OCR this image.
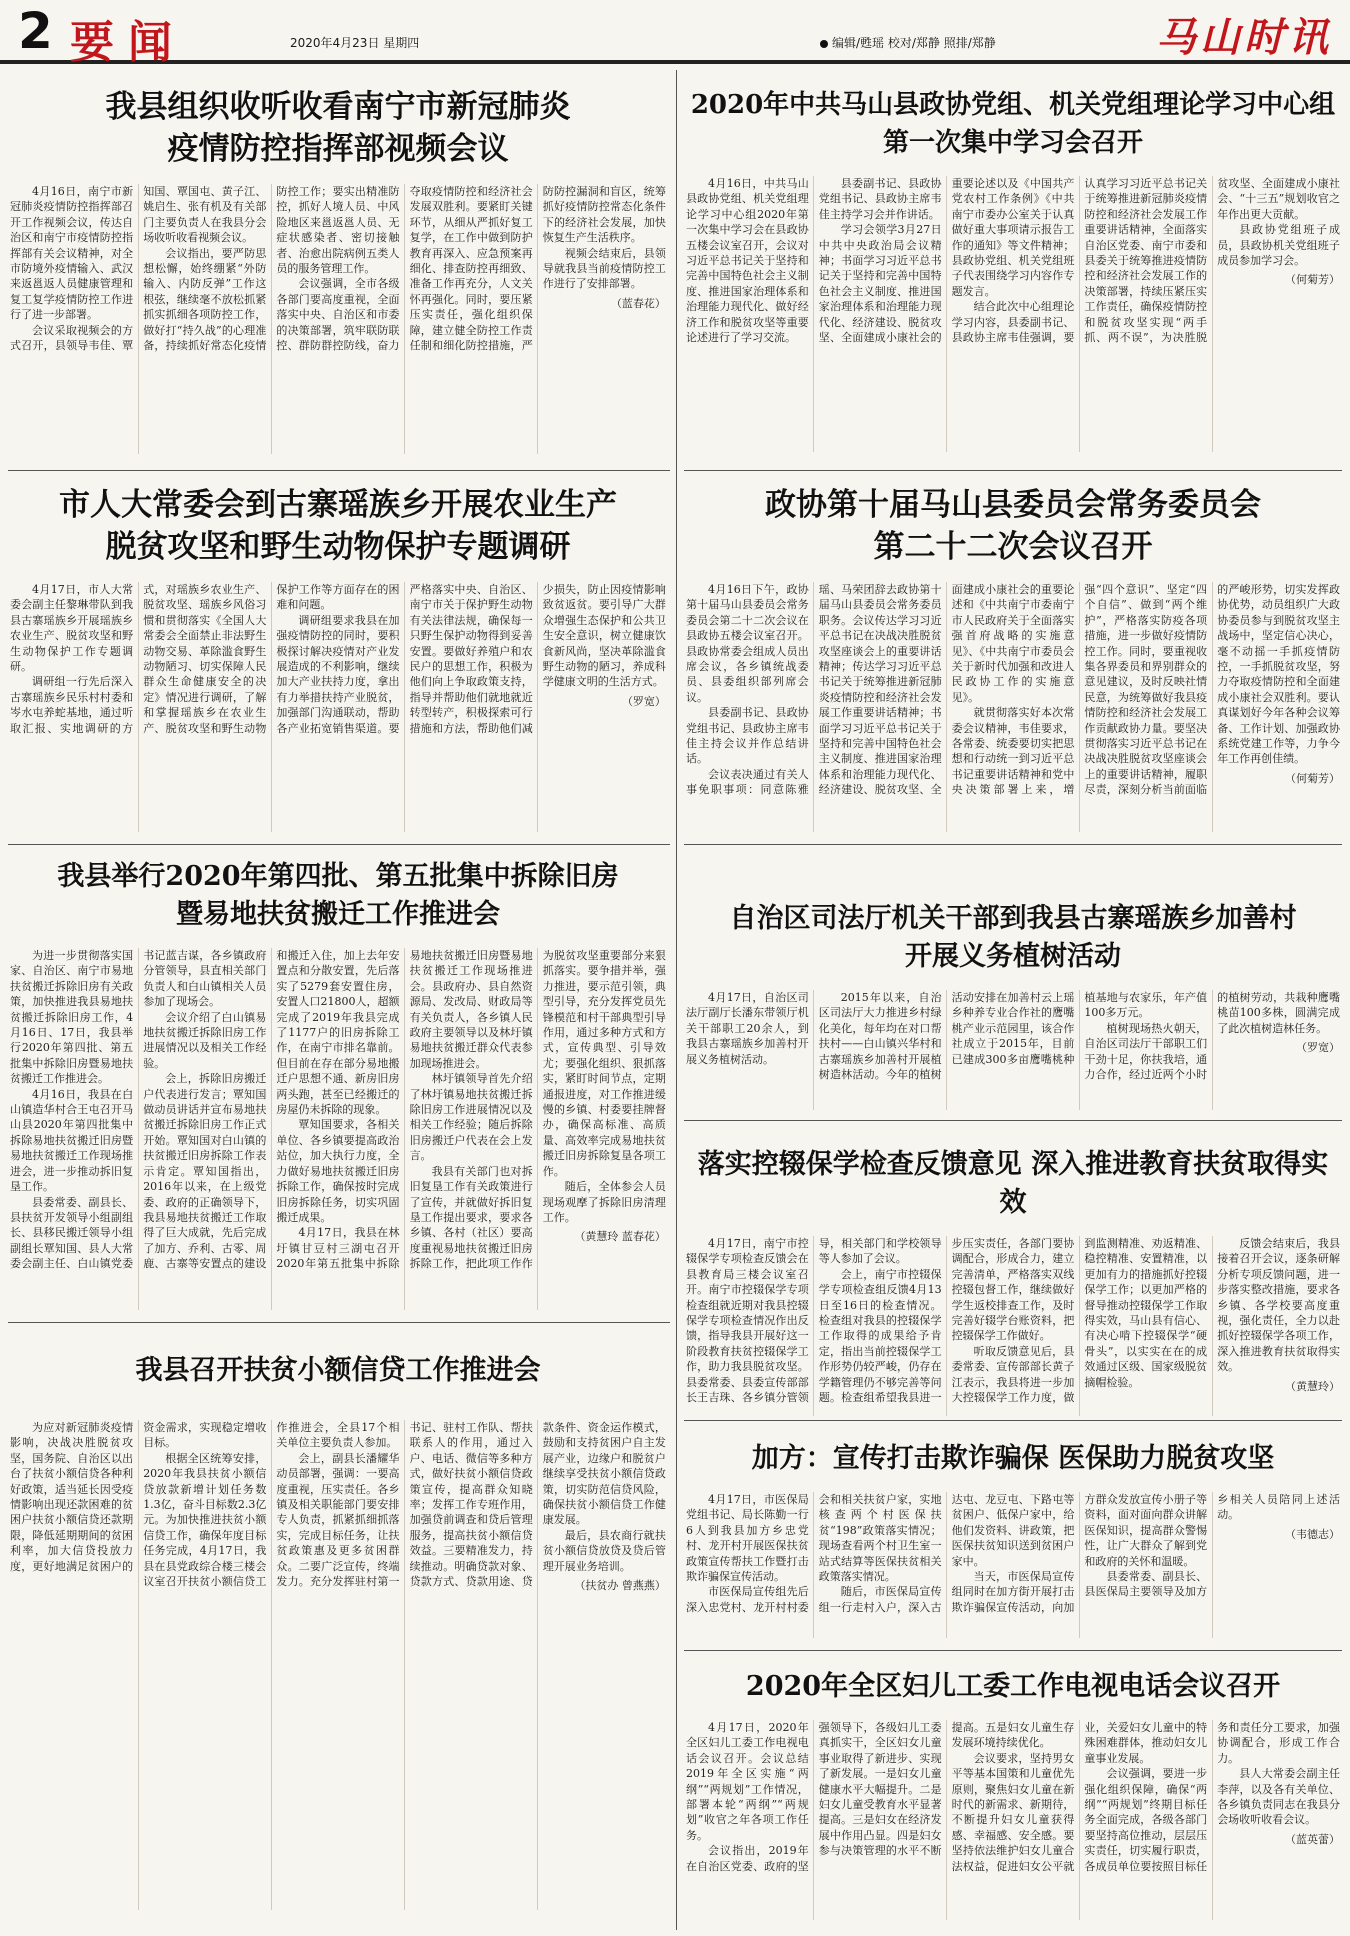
2 要闻	2020年4月23日 星期四	编辑/甦瑶 校对/郑静 照排/郑静	马山时讯
我县组织收听收看南宁市新冠肺炎
疫情防控指挥部视频会议

4月16日，南宁市新冠肺炎疫情防控指挥部召开工作视频会议，传达自治区和南宁市疫情防控指挥部有关会议精神，对全市防境外疫情输入、武汉来返邕返人员健康管理和复工复学疫情防控工作进行了进一步部署。

会议采取视频会的方式召开，县领导韦佳、覃知国、覃国屯、黄子江、姚启生、张有机及有关部门主要负责人在我县分会场收听收看视频会议。

会议指出，要严防思想松懈，始终绷紧“外防输入、内防反弹”工作这根弦，继续毫不放松抓紧抓实抓细各项防控工作，做好打“持久战”的心理准备，持续抓好常态化疫情防控工作；要实出精准防控，抓好人境人员、中风险地区来邕返邕人员、无症状感染者、密切接触者、治愈出院病例五类人员的服务管理工作。

会议强调，全市各级各部门要高度重视，全面落实中央、自治区和市委的决策部署，筑牢联防联控、群防群控防线，奋力夺取疫情防控和经济社会发展双胜利。要紧盯关键环节，从细从严抓好复工复学，在工作中做到防护教育再深入、应急预案再细化、排查防控再细致、准备工作再充分，人文关怀再强化。同时，要压紧压实责任，强化组织保障，建立健全防控工作责任制和细化防控措施，严防防控漏洞和盲区，统筹抓好疫情防控常态化条件下的经济社会发展，加快恢复生产生活秩序。

视频会结束后，县领导就我县当前疫情防控工作进行了安排部署。

（蓝春花）
2020年中共马山县政协党组、机关党组理论学习中心组
第一次集中学习会召开

4月16日，中共马山县政协党组、机关党组理论学习中心组2020年第一次集中学习会在县政协五楼会议室召开，会议对习近平总书记关于坚持和完善中国特色社会主义制度、推进国家治理体系和治理能力现代化、做好经济工作和脱贫攻坚等重要论述进行了学习交流。

县委副书记、县政协党组书记、县政协主席韦佳主持学习会并作讲话。

学习会领学3月27日中共中央政治局会议精神；书面学习习近平总书记关于坚持和完善中国特色社会主义制度、推进国家治理体系和治理能力现代化、经济建设、脱贫攻坚、全面建成小康社会的重要论述以及《中国共产党农村工作条例》《中共南宁市委办公室关于认真做好重大事项请示报告工作的通知》等文件精神；县政协党组、机关党组班子代表围绕学习内容作专题发言。

结合此次中心组理论学习内容，县委副书记、县政协主席韦佳强调，要认真学习习近平总书记关于统筹推进新冠肺炎疫情防控和经济社会发展工作重要讲话精神，全面落实自治区党委、南宁市委和县委关于统筹推进疫情防控和经济社会发展工作的决策部署，持续压紧压实工作责任，确保疫情防控和脱贫攻坚实现“两手抓、两不误”，为决胜脱贫攻坚、全面建成小康社会、“十三五”规划收官之年作出更大贡献。

县政协党组班子成员，县政协机关党组班子成员参加学习会。

（何菊芳）
市人大常委会到古寨瑶族乡开展农业生产
脱贫攻坚和野生动物保护专题调研

4月17日，市人大常委会副主任黎琳带队到我县古寨瑶族乡开展瑶族乡农业生产、脱贫攻坚和野生动物保护工作专题调研。

调研组一行先后深入古寨瑶族乡民乐村村委和岑水屯养蛇基地，通过听取汇报、实地调研的方式，对瑶族乡农业生产、脱贫攻坚、瑶族乡风俗习惯和贯彻落实《全国人大常委会全面禁止非法野生动物交易、革除滥食野生动物陋习、切实保障人民群众生命健康安全的决定》情况进行调研，了解和掌握瑶族乡在农业生产、脱贫攻坚和野生动物保护工作等方面存在的困难和问题。

调研组要求我县在加强疫情防控的同时，要积极探讨解决疫情对产业发展造成的不利影响，继续加大产业扶持力度，拿出有力举措扶持产业脱贫，加强部门沟通联动，帮助各产业拓宽销售渠道。要严格落实中央、自治区、南宁市关于保护野生动物有关法律法规，确保每一只野生保护动物得到妥善安置。要做好养殖户和农民户的思想工作，积极为他们向上争取政策支持，指导并帮助他们就地就近转型转产，积极探索可行措施和方法，帮助他们减少损失，防止因疫情影响致贫返贫。要引导广大群众增强生态保护和公共卫生安全意识，树立健康饮食新风尚，坚决革除滥食野生动物的陋习，养成科学健康文明的生活方式。

（罗宽）
政协第十届马山县委员会常务委员会
第二十二次会议召开

4月16日下午，政协第十届马山县委员会常务委员会第二十二次会议在县政协五楼会议室召开。县政协常委会组成人员出席会议，各乡镇统战委员、县委组织部列席会议。

县委副书记、县政协党组书记、县政协主席韦佳主持会议并作总结讲话。

会议表决通过有关人事免职事项：同意陈雅瑶、马荣团辞去政协第十届马山县委员会常务委员职务。会议传达学习习近平总书记在决战决胜脱贫攻坚座谈会上的重要讲话精神；传达学习习近平总书记关于统筹推进新冠肺炎疫情防控和经济社会发展工作重要讲话精神；书面学习习近平总书记关于坚持和完善中国特色社会主义制度、推进国家治理体系和治理能力现代化、经济建设、脱贫攻坚、全面建成小康社会的重要论述和《中共南宁市委南宁市人民政府关于全面落实强首府战略的实施意见》、《中共南宁市委员会关于新时代加强和改进人民政协工作的实施意见》。

就贯彻落实好本次常委会议精神，韦佳要求，各常委、统委要切实把思想和行动统一到习近平总书记重要讲话精神和党中央决策部署上来，增强“四个意识”、坚定“四个自信”、做到“两个维护”，严格落实防疫各项措施，进一步做好疫情防控工作。同时，要重视收集各界委员和界别群众的意见建议，及时反映社情民意，为统筹做好我县疫情防控和经济社会发展工作贡献政协力量。要坚决贯彻落实习近平总书记在决战决胜脱贫攻坚座谈会上的重要讲话精神，履职尽责，深刻分析当前面临的严峻形势，切实发挥政协优势，动员组织广大政协委员参与到脱贫攻坚主战场中，坚定信心决心，毫不动摇一手抓疫情防控，一手抓脱贫攻坚，努力夺取疫情防控和全面建成小康社会双胜利。要认真谋划好今年各种会议筹备、工作计划、加强政协系统党建工作等，力争今年工作再创佳绩。

（何菊芳）
我县举行2020年第四批、第五批集中拆除旧房
暨易地扶贫搬迁工作推进会

为进一步贯彻落实国家、自治区、南宁市易地扶贫搬迁拆除旧房有关政策，加快推进我县易地扶贫搬迁拆除旧房工作，4月16日、17日，我县举行2020年第四批、第五批集中拆除旧房暨易地扶贫搬迁工作推进会。

4月16日，我县在白山镇造华村合王屯召开马山县2020年第四批集中拆除易地扶贫搬迁旧房暨易地扶贫搬迁工作现场推进会，进一步推动拆旧复垦工作。

县委常委、副县长、县扶贫开发领导小组副组长、县移民搬迁领导小组副组长覃知国、县人大常委会副主任、白山镇党委书记蓝吉谋，各乡镇政府分管领导，县直相关部门负责人和白山镇相关人员参加了现场会。

会议介绍了白山镇易地扶贫搬迁拆除旧房工作进展情况以及相关工作经验。

会上，拆除旧房搬迁户代表进行发言；覃知国做动员讲话并宣布易地扶贫搬迁拆除旧房工作正式开始。覃知国对白山镇的扶贫搬迁旧房拆除工作表示肯定。覃知国指出，2016年以来，在上级党委、政府的正确领导下，我县易地扶贫搬迁工作取得了巨大成就，先后完成了加方、乔利、古零、周鹿、古寨等安置点的建设和搬迁入住，加上去年安置点和分散安置，先后落实了5279套安置住房，安置人口21800人，超额完成了2019年我县完成了1177户的旧房拆除工作，在南宁市排名靠前。但目前在存在部分易地搬迁户思想不通、新房旧房两头跑，甚至已经搬迁的房屋仍未拆除的现象。

覃知国要求，各相关单位、各乡镇要提高政治站位，加大执行力度，全力做好易地扶贫搬迁旧房拆除工作，确保按时完成旧房拆除任务，切实巩固搬迁成果。

4月17日，我县在林圩镇甘豆村三湖屯召开2020年第五批集中拆除易地扶贫搬迁旧房暨易地扶贫搬迁工作现场推进会。县政府办、县自然资源局、发改局、财政局等有关负责人，各乡镇人民政府主要领导以及林圩镇易地扶贫搬迁群众代表参加现场推进会。

林圩镇领导首先介绍了林圩镇易地扶贫搬迁拆除旧房工作进展情况以及相关工作经验；随后拆除旧房搬迁户代表在会上发言。

我县有关部门也对拆旧复垦工作有关政策进行了宣传，并就做好拆旧复垦工作提出要求，要求各乡镇、各村（社区）要高度重视易地扶贫搬迁旧房拆除工作，把此项工作作为脱贫攻坚重要部分来狠抓落实。要争措并举，强力推进，要示范引领，典型引导，充分发挥党员先锋模范和村干部典型引导作用，通过多种方式和方式，宣传典型、引导效尤；要强化组织、狠抓落实，紧盯时间节点，定期通报进度，对工作推进缓慢的乡镇、村委要挂牌督办，确保高标准、高质量、高效率完成易地扶贫搬迁旧房拆除复垦各项工作。

随后，全体参会人员现场观摩了拆除旧房清理工作。

（黄慧玲 蓝春花）
自治区司法厅机关干部到我县古寨瑶族乡加善村
开展义务植树活动

4月17日，自治区司法厅副厅长潘东带领厅机关干部职工20余人，到我县古寨瑶族乡加善村开展义务植树活动。

2015年以来，自治区司法厅大力推进乡村绿化美化，每年均在对口帮扶村——白山镇兴华村和古寨瑶族乡加善村开展植树造林活动。今年的植树活动安排在加善村云上瑶乡种养专业合作社的鹰嘴桃产业示范园里，该合作社成立于2015年，目前已建成300多亩鹰嘴桃种植基地与农家乐，年产值100多万元。

植树现场热火朝天，自治区司法厅干部职工们干劲十足，你扶我培，通力合作，经过近两个小时的植树劳动，共栽种鹰嘴桃苗100多株，圆满完成了此次植树造林任务。

（罗宽）
落实控辍保学检查反馈意见 深入推进教育扶贫取得实效

4月17日，南宁市控辍保学专项检查反馈会在县教育局三楼会议室召开。南宁市控辍保学专项检查组就近期对我县控辍保学专项检查情况作出反馈，指导我县开展好这一阶段教育扶贫控辍保学工作，助力我县脱贫攻坚。县委常委、县委宣传部部长王吉珠、各乡镇分管领导，相关部门和学校领导等人参加了会议。

会上，南宁市控辍保学专项检查组反馈4月13日至16日的检查情况。检查组对我县的控辍保学工作取得的成果给予肯定，指出当前控辍保学工作形势仍较严峻，仍存在学籍管理仍不够完善等问题。检查组希望我县进一步压实责任，各部门要协调配合，形成合力，建立完善清单，严格落实双线控辍包督工作，继续做好学生返校排查工作，及时完善好辍学台账资料，把控辍保学工作做好。

听取反馈意见后，县委常委、宣传部部长黄子江表示，我县将进一步加大控辍保学工作力度，做到监测精准、劝返精准、稳控精准、安置精准，以更加有力的措施抓好控辍保学工作；以更加严格的督导推动控辍保学工作取得实效，马山县有信心、有决心啃下控辍保学“硬骨头”，以实实在在的成效通过区级、国家级脱贫摘帽检验。

反馈会结束后，我县接着召开会议，逐条研解分析专项反馈问题，进一步落实整改措施，要求各乡镇、各学校要高度重视，强化责任，全力以赴抓好控辍保学各项工作，深入推进教育扶贫取得实效。

（黄慧玲）
加方：宣传打击欺诈骗保 医保助力脱贫攻坚

4月17日，市医保局党组书记、局长陈勤一行6人到我县加方乡忠党村、龙开村开展医保扶贫政策宣传帮扶工作暨打击欺诈骗保宣传活动。

市医保局宣传组先后深入忠党村、龙开村村委会和相关扶贫户家，实地核查两个村医保扶贫“198”政策落实情况；现场查看两个村卫生室一站式结算等医保扶贫相关政策落实情况。

随后，市医保局宣传组一行走村入户，深入古达屯、龙豆屯、下路屯等贫困户、低保户家中，给他们发资料、讲政策，把医保扶贫知识送到贫困户家中。

当天，市医保局宣传组同时在加方街开展打击欺诈骗保宣传活动，向加方群众发放宣传小册子等资料，面对面向群众讲解医保知识，提高群众警惕性，让广大群众了解到党和政府的关怀和温暖。

县委常委、副县长、县医保局主要领导及加方乡相关人员陪同上述活动。

（韦德志）
我县召开扶贫小额信贷工作推进会

为应对新冠肺炎疫情影响，决战决胜脱贫攻坚，国务院、自治区以出台了扶贫小额信贷各种利好政策，适当延长因受疫情影响出现还款困难的贫困户扶贫小额信贷还款期限，降低延期期间的贫困利率，加大信贷投放力度，更好地满足贫困户的资金需求，实现稳定增收目标。

根据全区统筹安排，2020年我县扶贫小额信贷放款新增计划任务数1.3亿，奋斗目标数2.3亿元。为加快推进扶贫小额信贷工作，确保年度目标任务完成，4月17日，我县在县党政综合楼三楼会议室召开扶贫小额信贷工作推进会，全县17个相关单位主要负责人参加。

会上，副县长潘耀华动员部署，强调：一要高度重视，压实责任。各乡镇及相关职能部门要安排专人负责，抓紧抓细抓落实，完成目标任务，让扶贫政策惠及更多贫困群众。二要广泛宣传，终端发力。充分发挥驻村第一书记、驻村工作队、帮扶联系人的作用，通过入户、电话、微信等多种方式，做好扶贫小额信贷政策宣传，提高群众知晓率；发挥工作专班作用，加强贷前调查和贷后管理服务，提高扶贫小额信贷效益。三要精准发力，持续推动。明确贷款对象、贷款方式、贷款用途、贷款条件、资金运作模式，鼓励和支持贫困户自主发展产业，边缘户和脱贫户继续享受扶贫小额信贷政策，切实防范信贷风险，确保扶贫小额信贷工作健康发展。

最后，县农商行就扶贫小额信贷放贷及贷后管理开展业务培训。

（扶贫办 曾燕燕）
2020年全区妇儿工委工作电视电话会议召开

4月17日，2020年全区妇儿工委工作电视电话会议召开。会议总结2019年全区实施“两纲”“两规划”工作情况，部署本轮“两纲”“两规划”收官之年各项工作任务。

会议指出，2019年在自治区党委、政府的坚强领导下，各级妇儿工委真抓实干，全区妇女儿童事业取得了新进步、实现了新发展。一是妇女儿童健康水平大幅提升。二是妇女儿童受教育水平显著提高。三是妇女在经济发展中作用凸显。四是妇女参与决策管理的水平不断提高。五是妇女儿童生存发展环境持续优化。

会议要求，坚持男女平等基本国策和儿童优先原则，聚焦妇女儿童在新时代的新需求、新期待，不断提升妇女儿童获得感、幸福感、安全感。要坚持依法维护妇女儿童合法权益，促进妇女公平就业，关爱妇女儿童中的特殊困难群体，推动妇女儿童事业发展。

会议强调，要进一步强化组织保障，确保“两纲”“两规划”终期目标任务全面完成，各级各部门要坚持高位推动，层层压实责任，切实履行职责，各成员单位要按照目标任务和责任分工要求，加强协调配合，形成工作合力。

县人大常委会副主任李萍，以及各有关单位、各乡镇负责同志在我县分会场收听收看会议。

（蓝英蕾）
